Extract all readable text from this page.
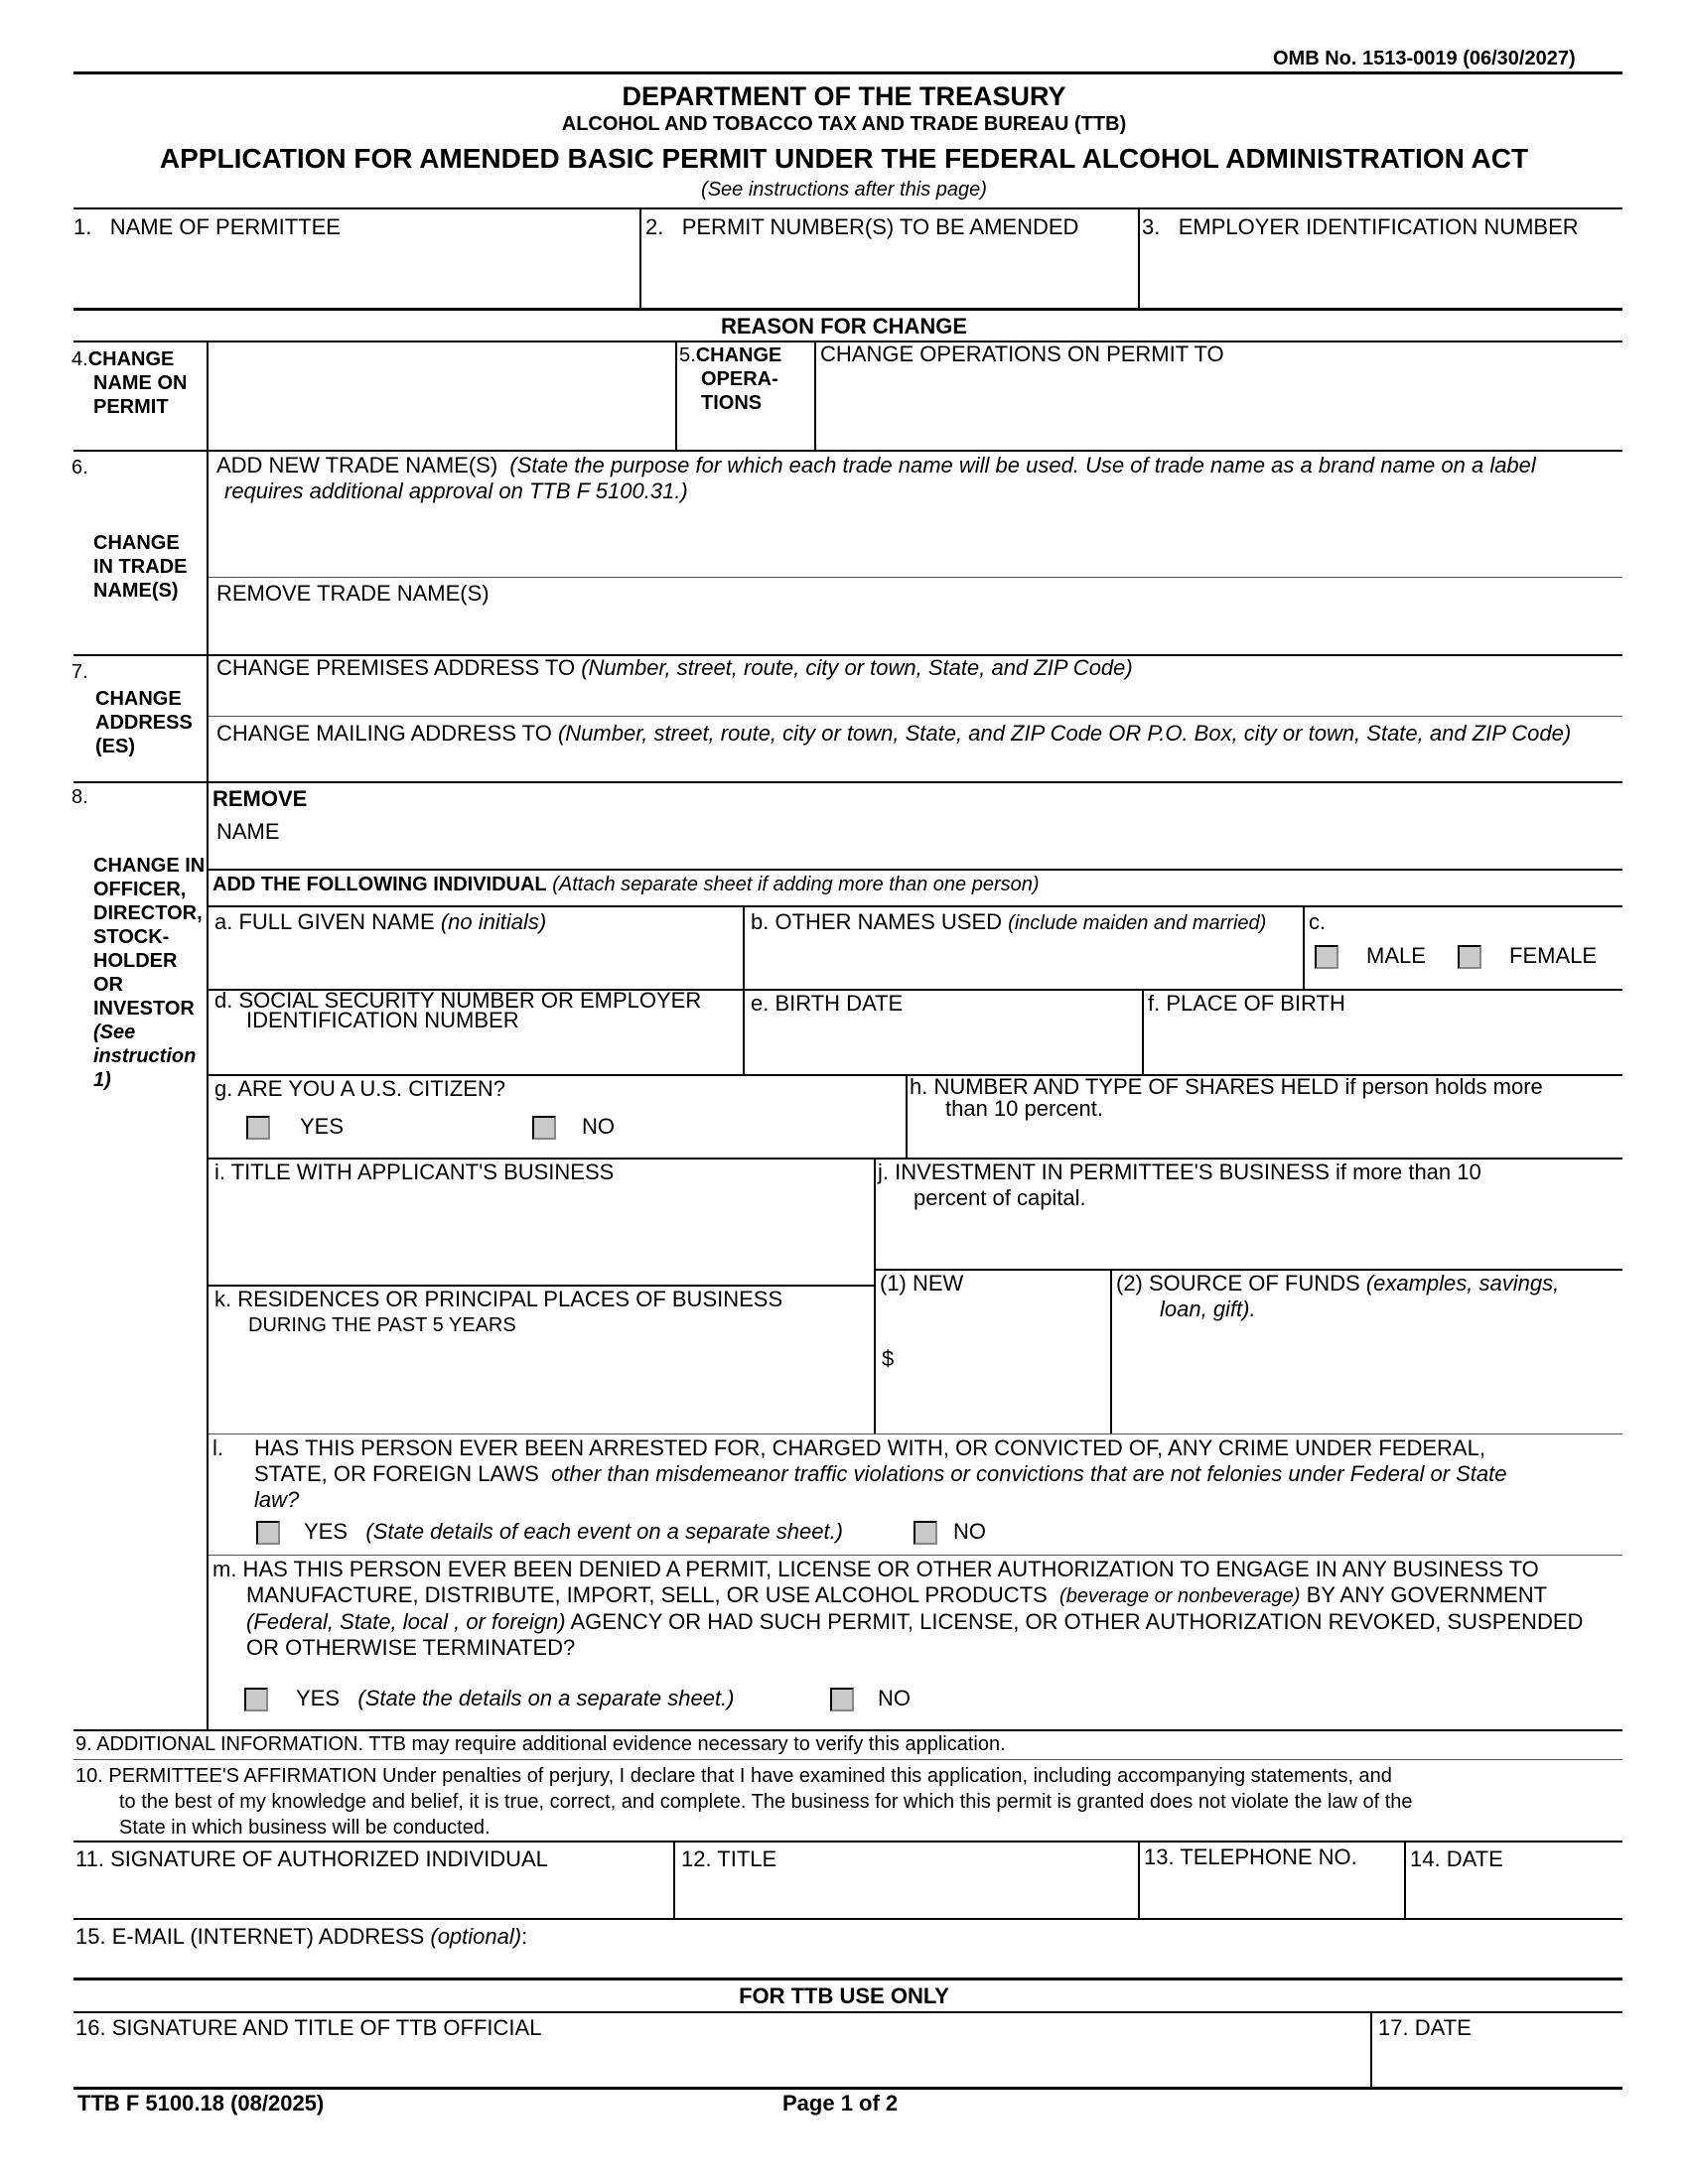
OMB No. 1513-0019 (06/30/2027)
DEPARTMENT OF THE TREASURY
ALCOHOL AND TOBACCO TAX AND TRADE BUREAU (TTB)
APPLICATION FOR AMENDED BASIC PERMIT UNDER THE FEDERAL ALCOHOL ADMINISTRATION ACT
(See instructions after this page)
1. NAME OF PERMITTEE	2. PERMIT NUMBER(S) TO BE AMENDED	3. EMPLOYER IDENTIFICATION NUMBER
REASON FOR CHANGE
4.CHANGE
NAME ON
PERMIT
5.CHANGE
OPERA-
TIONS
CHANGE OPERATIONS ON PERMIT TO
6.
CHANGE
IN TRADE
NAME(S)
ADD NEW TRADE NAME(S) (State the purpose for which each trade name will be used. Use of trade name as a brand name on a label
requires additional approval on TTB F 5100.31.)
REMOVE TRADE NAME(S)
7.
CHANGE
ADDRESS
(ES)
CHANGE PREMISES ADDRESS TO (Number, street, route, city or town, State, and ZIP Code)
CHANGE MAILING ADDRESS TO (Number, street, route, city or town, State, and ZIP Code OR P.O. Box, city or town, State, and ZIP Code)
8.
CHANGE IN
OFFICER,
DIRECTOR,
STOCK-
HOLDER
OR
INVESTOR
(See
instruction
1)
REMOVE
NAME
ADD THE FOLLOWING INDIVIDUAL (Attach separate sheet if adding more than one person)
a. FULL GIVEN NAME (no initials)	b. OTHER NAMES USED (include maiden and married) c.
MALE	FEMALE
d. SOCIAL SECURITY NUMBER OR EMPLOYER
IDENTIFICATION NUMBER
e. BIRTH DATE	f. PLACE OF BIRTH
g. ARE YOU A U.S. CITIZEN?
YES	NO
h. NUMBER AND TYPE OF SHARES HELD if person holds more
than 10 percent.
i. TITLE WITH APPLICANT'S BUSINESS	j. INVESTMENT IN PERMITTEE'S BUSINESS if more than 10
percent of capital.
k. RESIDENCES OR PRINCIPAL PLACES OF BUSINESS
DURING THE PAST 5 YEARS
(1) NEW
$
(2) SOURCE OF FUNDS (examples, savings,
loan, gift).
l. HAS THIS PERSON EVER BEEN ARRESTED FOR, CHARGED WITH, OR CONVICTED OF, ANY CRIME UNDER FEDERAL,
STATE, OR FOREIGN LAWS other than misdemeanor traffic violations or convictions that are not felonies under Federal or State
law?
YES (State details of each event on a separate sheet.)	NO
m. HAS THIS PERSON EVER BEEN DENIED A PERMIT, LICENSE OR OTHER AUTHORIZATION TO ENGAGE IN ANY BUSINESS TO
MANUFACTURE, DISTRIBUTE, IMPORT, SELL, OR USE ALCOHOL PRODUCTS (beverage or nonbeverage) BY ANY GOVERNMENT
(Federal, State, local , or foreign) AGENCY OR HAD SUCH PERMIT, LICENSE, OR OTHER AUTHORIZATION REVOKED, SUSPENDED
OR OTHERWISE TERMINATED?
YES (State the details on a separate sheet.)	NO
9. ADDITIONAL INFORMATION. TTB may require additional evidence necessary to verify this application.
10. PERMITTEE'S AFFIRMATION Under penalties of perjury, I declare that I have examined this application, including accompanying statements, and
to the best of my knowledge and belief, it is true, correct, and complete. The business for which this permit is granted does not violate the law of the
State in which business will be conducted.
11. SIGNATURE OF AUTHORIZED INDIVIDUAL	12. TITLE	13. TELEPHONE NO. 14. DATE
15. E-MAIL (INTERNET) ADDRESS (optional):
FOR TTB USE ONLY
16. SIGNATURE AND TITLE OF TTB OFFICIAL	17. DATE
TTB F 5100.18 (08/2025)	Page 1 of 2
